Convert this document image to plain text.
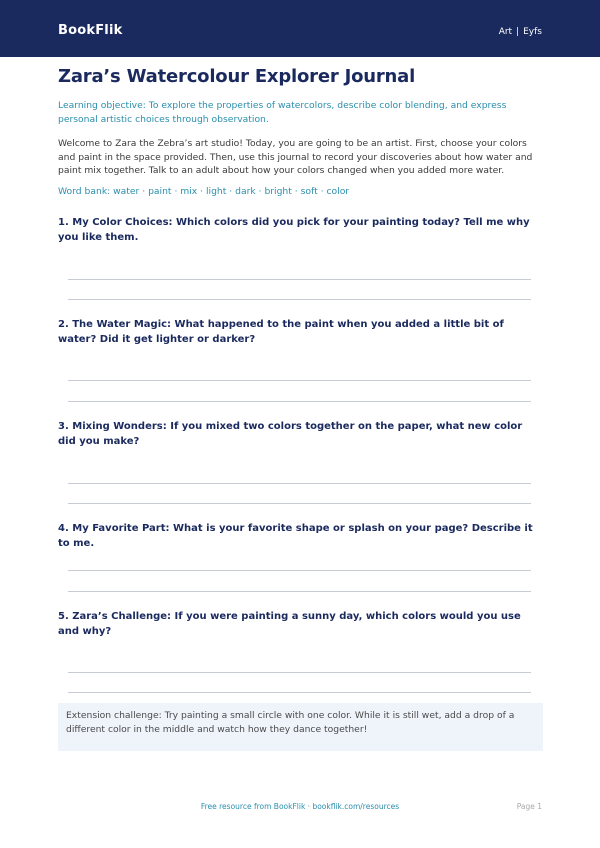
BookFlik	Art | Eyfs
Zara’s Watercolour Explorer Journal
Learning objective: To explore the properties of watercolors, describe color blending, and express personal artistic choices through observation.
Welcome to Zara the Zebra’s art studio! Today, you are going to be an artist. First, choose your colors and paint in the space provided. Then, use this journal to record your discoveries about how water and paint mix together. Talk to an adult about how your colors changed when you added more water.
Word bank: water · paint · mix · light · dark · bright · soft · color
1. My Color Choices: Which colors did you pick for your painting today? Tell me why you like them.
2. The Water Magic: What happened to the paint when you added a little bit of water? Did it get lighter or darker?
3. Mixing Wonders: If you mixed two colors together on the paper, what new color did you make?
4. My Favorite Part: What is your favorite shape or splash on your page? Describe it to me.
5. Zara’s Challenge: If you were painting a sunny day, which colors would you use and why?
Extension challenge: Try painting a small circle with one color. While it is still wet, add a drop of a different color in the middle and watch how they dance together!
Free resource from BookFlik · bookflik.com/resources	Page 1
